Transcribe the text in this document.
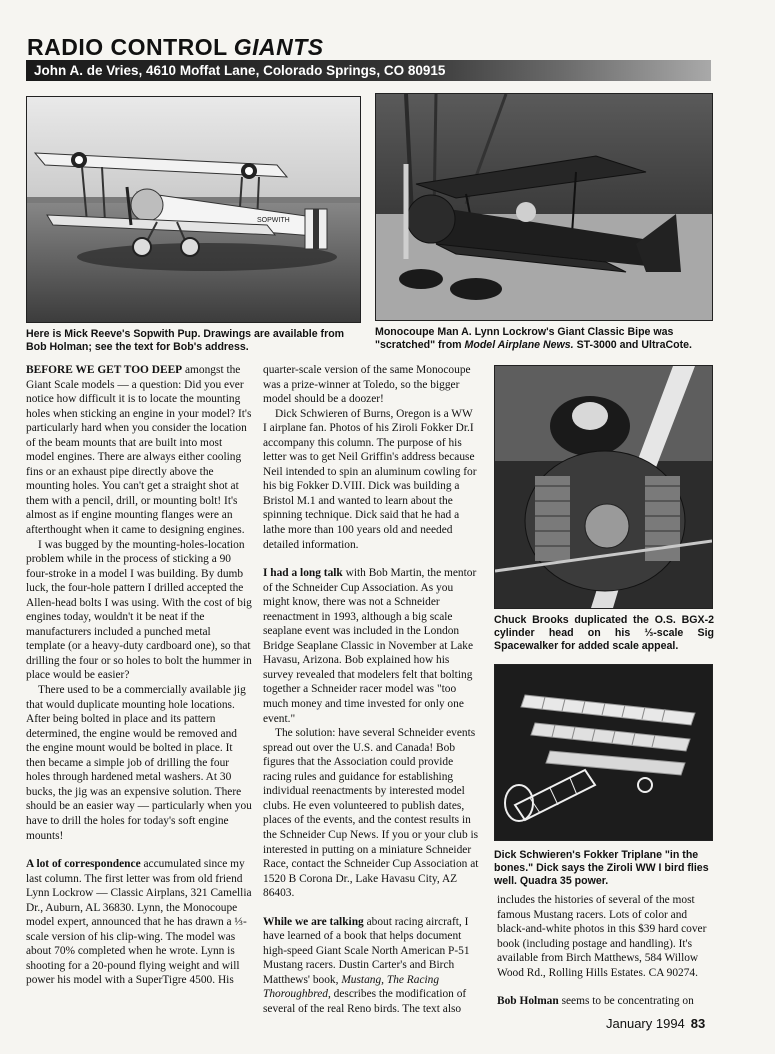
RADIO CONTROL GIANTS
John A. de Vries, 4610 Moffat Lane, Colorado Springs, CO 80915
SOPWITH
Here is Mick Reeve's Sopwith Pup. Drawings are available from Bob Holman; see the text for Bob's address.
Monocoupe Man A. Lynn Lockrow's Giant Classic Bipe was "scratched" from Model Airplane News. ST-3000 and UltraCote.
Chuck Brooks duplicated the O.S. BGX-2 cylinder head on his ⅓-scale Sig Spacewalker for added scale appeal.
Dick Schwieren's Fokker Triplane "in the bones." Dick says the Ziroli WW I bird flies well. Quadra 35 power.

BEFORE WE GET TOO DEEP amongst the Giant Scale models — a question: Did you ever notice how difficult it is to locate the mounting holes when sticking an engine in your model? It's particularly hard when you consider the location of the beam mounts that are built into most model engines. There are always either cooling fins or an exhaust pipe directly above the mounting holes. You can't get a straight shot at them with a pencil, drill, or mounting bolt! It's almost as if engine mounting flanges were an afterthought when it came to designing engines.

I was bugged by the mounting-holes-location problem while in the process of sticking a 90 four-stroke in a model I was building. By dumb luck, the four-hole pattern I drilled accepted the Allen-head bolts I was using. With the cost of big engines today, wouldn't it be neat if the manufacturers included a punched metal template (or a heavy-duty cardboard one), so that drilling the four or so holes to bolt the hummer in place would be easier?

There used to be a commercially available jig that would duplicate mounting hole locations. After being bolted in place and its pattern determined, the engine would be removed and the engine mount would be bolted in place. It then became a simple job of drilling the four holes through hardened metal washers. At 30 bucks, the jig was an expensive solution. There should be an easier way — particularly when you have to drill the holes for today's soft engine mounts!

A lot of correspondence accumulated since my last column. The first letter was from old friend Lynn Lockrow — Classic Airplans, 321 Camellia Dr., Auburn, AL 36830. Lynn, the Monocoupe model expert, announced that he has drawn a ⅓-scale version of his clip-wing. The model was about 70% completed when he wrote. Lynn is shooting for a 20-pound flying weight and will power his model with a SuperTigre 4500. His

quarter-scale version of the same Monocoupe was a prize-winner at Toledo, so the bigger model should be a doozer!

Dick Schwieren of Burns, Oregon is a WW I airplane fan. Photos of his Ziroli Fokker Dr.I accompany this column. The purpose of his letter was to get Neil Griffin's address because Neil intended to spin an aluminum cowling for his big Fokker D.VIII. Dick was building a Bristol M.1 and wanted to learn about the spinning technique. Dick said that he had a lathe more than 100 years old and needed detailed information.

I had a long talk with Bob Martin, the mentor of the Schneider Cup Association. As you might know, there was not a Schneider reenactment in 1993, although a big scale seaplane event was included in the London Bridge Seaplane Classic in November at Lake Havasu, Arizona. Bob explained how his survey revealed that modelers felt that bolting together a Schneider racer model was "too much money and time invested for only one event."

The solution: have several Schneider events spread out over the U.S. and Canada! Bob figures that the Association could provide racing rules and guidance for establishing individual reenactments by interested model clubs. He even volunteered to publish dates, places of the events, and the contest results in the Schneider Cup News. If you or your club is interested in putting on a miniature Schneider Race, contact the Schneider Cup Association at 1520 B Corona Dr., Lake Havasu City, AZ 86403.

While we are talking about racing aircraft, I have learned of a book that helps document high-speed Giant Scale North American P-51 Mustang racers. Dustin Carter's and Birch Matthews' book, Mustang, The Racing Thoroughbred, describes the modification of several of the real Reno birds. The text also

includes the histories of several of the most famous Mustang racers. Lots of color and black-and-white photos in this $39 hard cover book (including postage and handling). It's available from Birch Matthews, 584 Willow Wood Rd., Rolling Hills Estates. CA 90274.

Bob Holman seems to be concentrating on

January 1994 83
